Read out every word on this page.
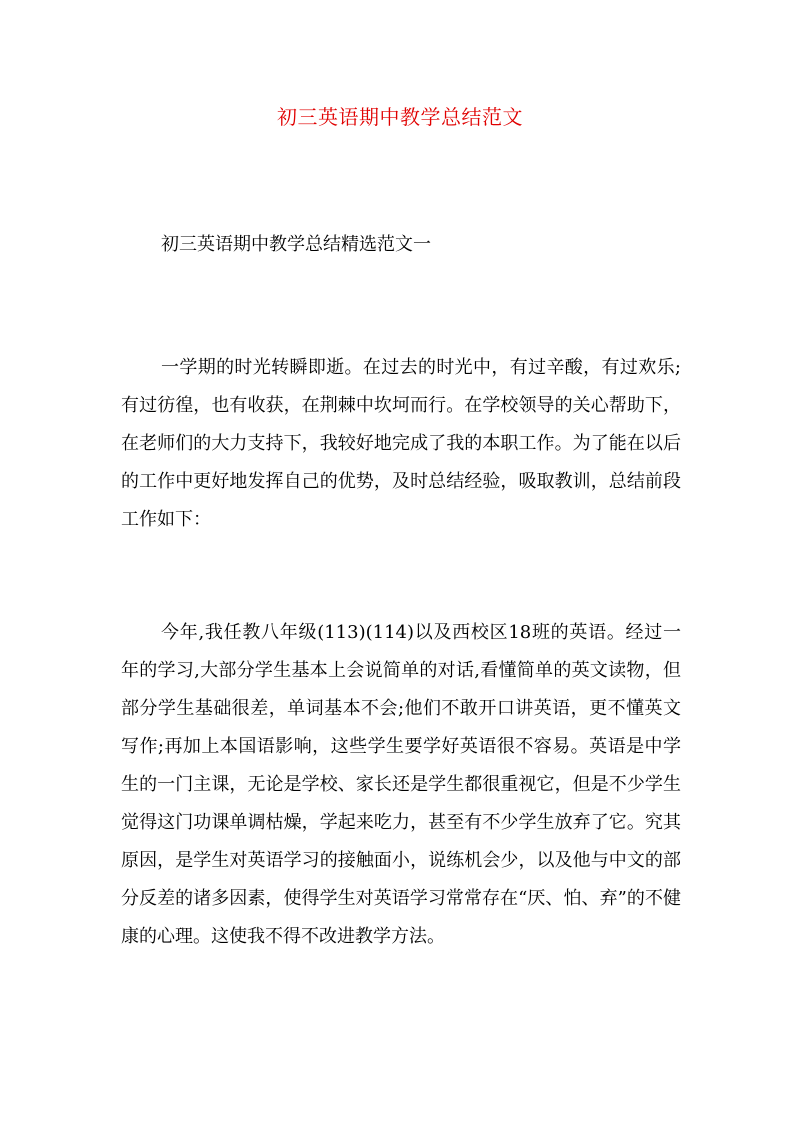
初三英语期中教学总结范文

初三英语期中教学总结精选范文一

一学期的时光转瞬即逝。在过去的时光中，有过辛酸，有过欢乐;有过彷徨，也有收获，在荆棘中坎坷而行。在学校领导的关心帮助下，在老师们的大力支持下，我较好地完成了我的本职工作。为了能在以后的工作中更好地发挥自己的优势，及时总结经验，吸取教训，总结前段工作如下：

今年,我任教八年级(113)(114)以及西校区18班的英语。经过一年的学习,大部分学生基本上会说简单的对话,看懂简单的英文读物，但部分学生基础很差，单词基本不会;他们不敢开口讲英语，更不懂英文写作;再加上本国语影响，这些学生要学好英语很不容易。英语是中学生的一门主课，无论是学校、家长还是学生都很重视它，但是不少学生觉得这门功课单调枯燥，学起来吃力，甚至有不少学生放弃了它。究其原因，是学生对英语学习的接触面小，说练机会少，以及他与中文的部分反差的诸多因素，使得学生对英语学习常常存在“厌、怕、弃”的不健康的心理。这使我不得不改进教学方法。
